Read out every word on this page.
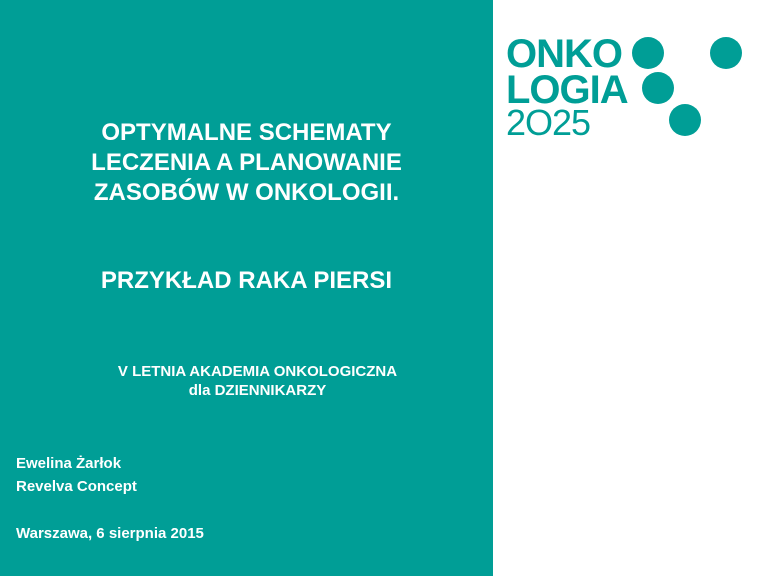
OPTYMALNE SCHEMATY
LECZENIA A PLANOWANIE
ZASOBÓW W ONKOLOGII.
PRZYKŁAD RAKA PIERSI
V LETNIA AKADEMIA ONKOLOGICZNA
dla DZIENNIKARZY
Ewelina Żarłok
Revelva Concept
Warszawa, 6 sierpnia 2015
ONKO
LOGIA
2O25
